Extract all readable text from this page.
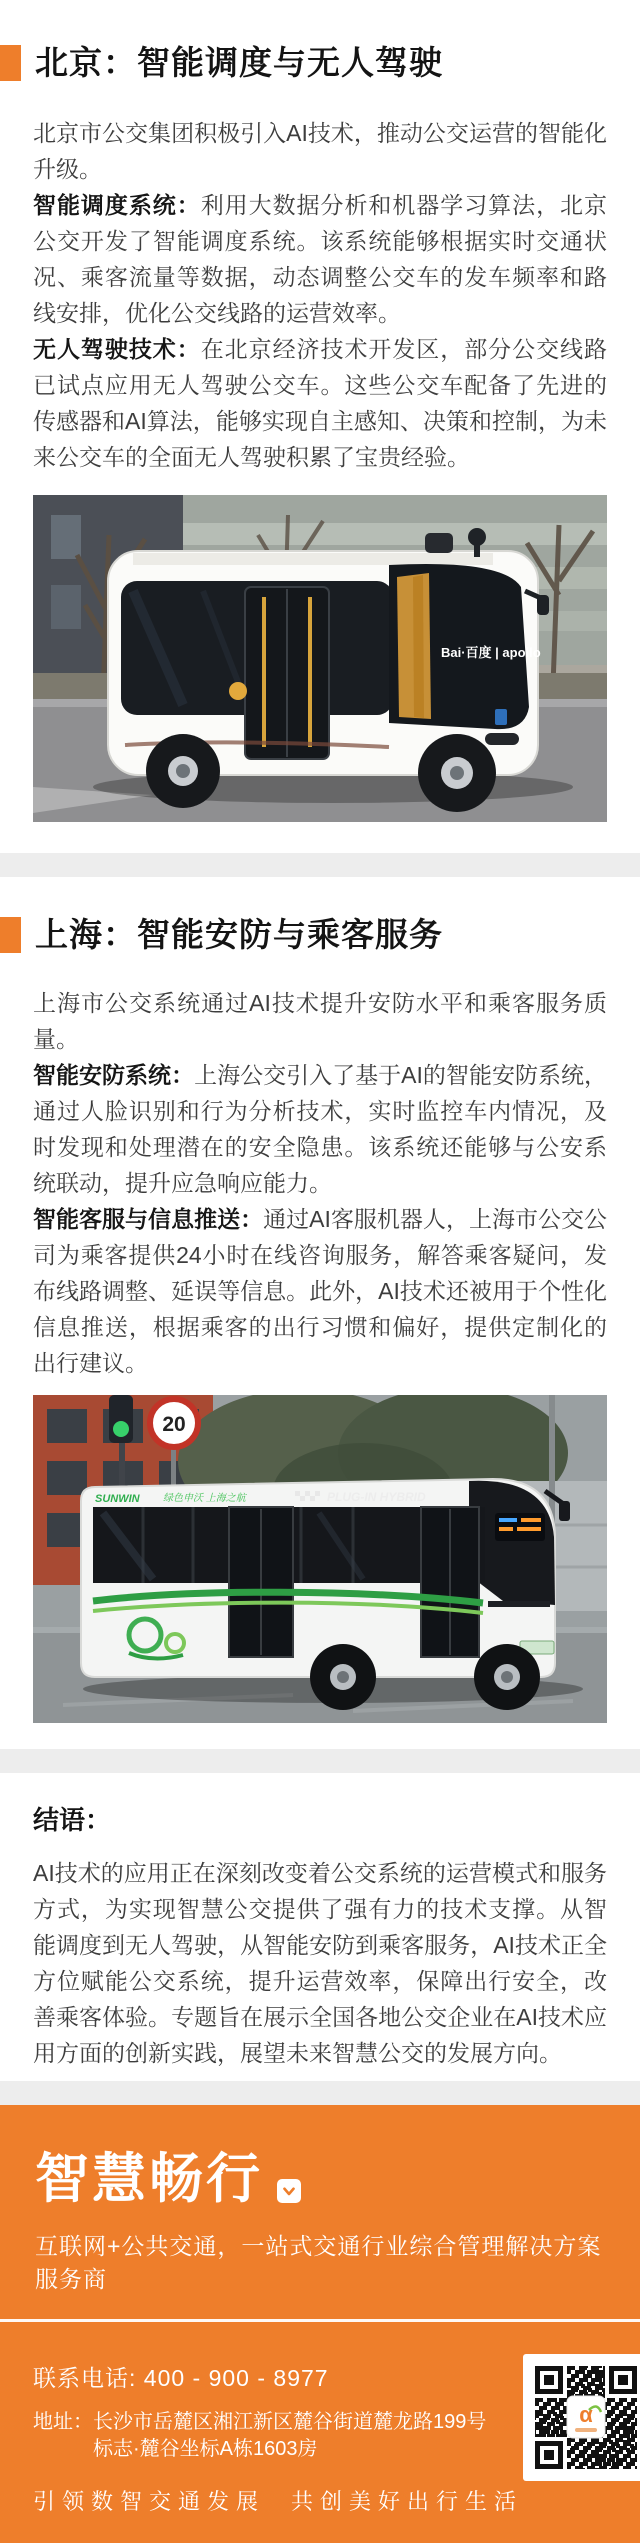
北京：智能调度与无人驾驶

北京市公交集团积极引入AI技术，推动公交运营的智能化升级。

智能调度系统：利用大数据分析和机器学习算法，北京公交开发了智能调度系统。该系统能够根据实时交通状况、乘客流量等数据，动态调整公交车的发车频率和路线安排，优化公交线路的运营效率。

无人驾驶技术：在北京经济技术开发区，部分公交线路已试点应用无人驾驶公交车。这些公交车配备了先进的传感器和AI算法，能够实现自主感知、决策和控制，为未来公交车的全面无人驾驶积累了宝贵经验。

Bai·百度 | apollo
上海：智能安防与乘客服务

上海市公交系统通过AI技术提升安防水平和乘客服务质量。

智能安防系统：上海公交引入了基于AI的智能安防系统，通过人脸识别和行为分析技术，实时监控车内情况，及时发现和处理潜在的安全隐患。该系统还能够与公安系统联动，提升应急响应能力。

智能客服与信息推送：通过AI客服机器人，上海市公交公司为乘客提供24小时在线咨询服务，解答乘客疑问，发布线路调整、延误等信息。此外，AI技术还被用于个性化信息推送，根据乘客的出行习惯和偏好，提供定制化的出行建议。

20
SUNWIN 绿色申沃 上海之航	PLUG-IN HYBRID
结语：

AI技术的应用正在深刻改变着公交系统的运营模式和服务方式，为实现智慧公交提供了强有力的技术支撑。从智能调度到无人驾驶，从智能安防到乘客服务，AI技术正全方位赋能公交系统，提升运营效率，保障出行安全，改善乘客体验。专题旨在展示全国各地公交企业在AI技术应用方面的创新实践，展望未来智慧公交的发展方向。

智慧畅行

互联网+公共交通，一站式交通行业综合管理解决方案服务商

联系电话: 400 - 900 - 8977

地址： 长沙市岳麓区湘江新区麓谷街道麓龙路199号
标志·麓谷坐标A栋1603房

引领数智交通发展 共创美好出行生活

α
